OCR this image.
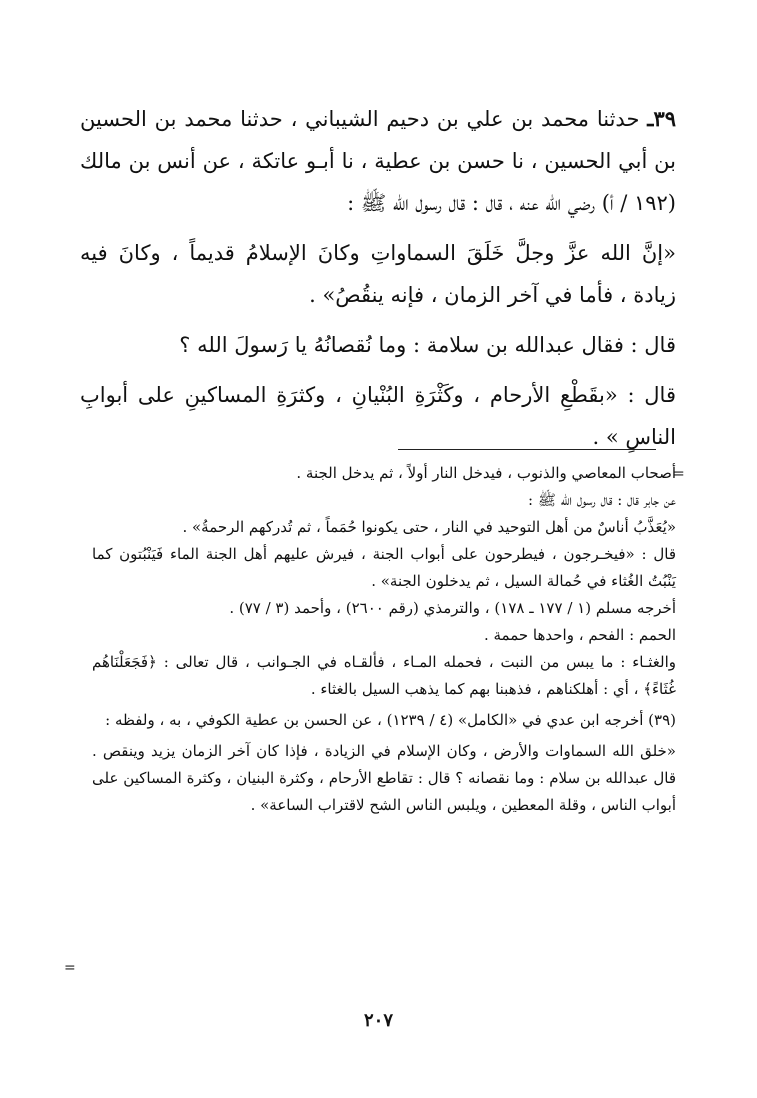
٣٩ـ حدثنا محمد بن علي بن دحيم الشيباني ، حدثنا محمد بن الحسين بن أبي الحسين ، نا حسن بن عطية ، نا أبـو عاتكة ، عن أنس بن مالك (١٩٢ / أ) رضي الله عنه ، قال : قال رسول الله ﷺ :

«إنَّ الله عزَّ وجلَّ خَلَقَ السماواتِ وكانَ الإسلامُ قديماً ، وكانَ فيه زيادة ، فأما في آخر الزمان ، فإنه ينقُصُ» .

قال : فقال عبدالله بن سلامة : وما نُقصانُهُ يا رَسولَ الله ؟

قال : «بقَطْعِ الأرحام ، وكَثْرَةِ البُنْيانِ ، وكثرَةِ المساكينِ على أبوابِ الناسِ » .

=

أصحاب المعاصي والذنوب ، فيدخل النار أولاً ، ثم يدخل الجنة .

عن جابر قال : قال رسول الله ﷺ :

«يُعَذَّبُ أناسٌ من أهل التوحيد في النار ، حتى يكونوا حُمَماً ، ثم تُدركهم الرحمةُ» .

قال : «فيخـرجون ، فيطرحون على أبواب الجنة ، فيرش عليهم أهل الجنة الماء فَيَنْبُتون كما يَنْبُتُ الغُثاء في حُمالة السيل ، ثم يدخلون الجنة» .

أخرجه مسلم (١ / ١٧٧ ـ ١٧٨) ، والترمذي (رقم ٢٦٠٠) ، وأحمد (٣ / ٧٧) .

الحمم : الفحم ، واحدها حممة .

والغثـاء : ما يبس من النبت ، فحمله المـاء ، فألقـاه في الجـوانب ، قال تعالى : ﴿فَجَعَلْنَاهُم غُثَاءً﴾ ، أي : أهلكناهم ، فذهبنا بهم كما يذهب السيل بالغثاء .

(٣٩) أخرجه ابن عدي في «الكامل» (٤ / ١٢٣٩) ، عن الحسن بن عطية الكوفي ، به ، ولفظه :

«خلق الله السماوات والأرض ، وكان الإسلام في الزيادة ، فإذا كان آخر الزمان يزيد وينقص . قال عبدالله بن سلام : وما نقصانه ؟ قال : تقاطع الأرحام ، وكثرة البنيان ، وكثرة المساكين على أبواب الناس ، وقلة المعطين ، ويلبس الناس الشح لاقتراب الساعة» .

=
٢٠٧
